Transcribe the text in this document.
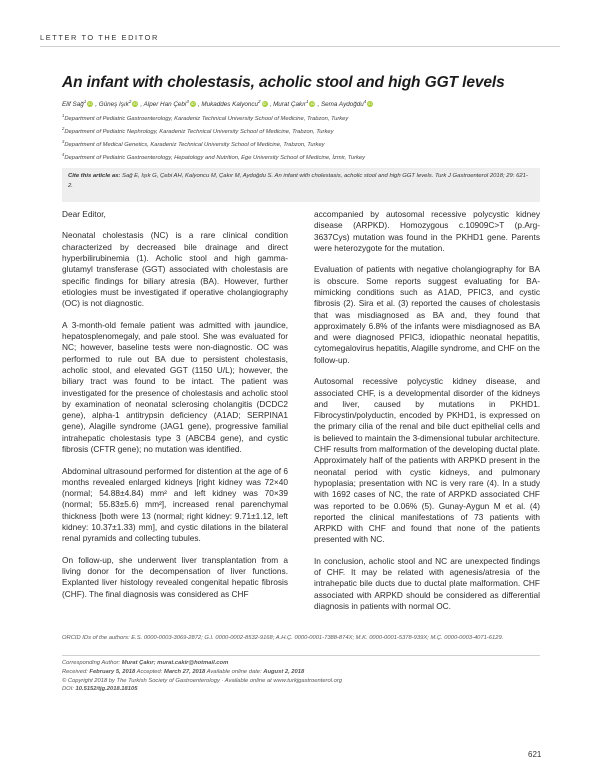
LETTER TO THE EDITOR
An infant with cholestasis, acholic stool and high GGT levels
Elif Sağ$^1$ iD , Güneş Işık$^2$ iD , Alper Han Çebi$^3$ iD , Mukaddes Kalyoncu$^2$ iD , Murat Çakır$^1$ iD , Sema Aydoğdu$^4$ iD
$^1$Department of Pediatric Gastroenterology, Karadeniz Technical University School of Medicine, Trabzon, Turkey
$^2$Department of Pediatric Nephrology, Karadeniz Technical University School of Medicine, Trabzon, Turkey
$^3$Department of Medical Genetics, Karadeniz Technical University School of Medicine, Trabzon, Turkey
$^4$Department of Pediatric Gastroenterology, Hepatology and Nutrition, Ege University School of Medicine, İzmir, Turkey
Cite this article as: Sağ E, Işık G, Çebi AH, Kalyoncu M, Çakır M, Aydoğdu S. An infant with cholestasis, acholic stool and high GGT levels. Turk J Gastroenterol 2018; 29: 621-2.

Dear Editor,

Neonatal cholestasis (NC) is a rare clinical condition characterized by decreased bile drainage and direct hyperbilirubinemia (1). Acholic stool and high gamma-glutamyl transferase (GGT) associated with cholestasis are specific findings for biliary atresia (BA). However, further etiologies must be investigated if operative cholangiography (OC) is not diagnostic.

A 3-month-old female patient was admitted with jaundice, hepatosplenomegaly, and pale stool. She was evaluated for NC; however, baseline tests were non-diagnostic. OC was performed to rule out BA due to persistent cholestasis, acholic stool, and elevated GGT (1150 U/L); however, the biliary tract was found to be intact. The patient was investigated for the presence of cholestasis and acholic stool by examination of neonatal sclerosing cholangitis (DCDC2 gene), alpha-1 antitrypsin deficiency (A1AD; SERPINA1 gene), Alagille syndrome (JAG1 gene), progressive familial intrahepatic cholestasis type 3 (ABCB4 gene), and cystic fibrosis (CFTR gene); no mutation was identified.

Abdominal ultrasound performed for distention at the age of 6 months revealed enlarged kidneys [right kidney was 72×40 (normal; 54.88±4.84) mm² and left kidney was 70×39 (normal; 55.83±5.6) mm²], increased renal parenchymal thickness [both were 13 (normal; right kidney: 9.71±1.12, left kidney: 10.37±1.33) mm], and cystic dilations in the bilateral renal pyramids and collecting tubules.

On follow-up, she underwent liver transplantation from a living donor for the decompensation of liver functions. Explanted liver histology revealed congenital hepatic fibrosis (CHF). The final diagnosis was considered as CHF

accompanied by autosomal recessive polycystic kidney disease (ARPKD). Homozygous c.10909C>T (p.Arg-3637Cys) mutation was found in the PKHD1 gene. Parents were heterozygote for the mutation.

Evaluation of patients with negative cholangiography for BA is obscure. Some reports suggest evaluating for BA-mimicking conditions such as A1AD, PFIC3, and cystic fibrosis (2). Sira et al. (3) reported the causes of cholestasis that was misdiagnosed as BA and, they found that approximately 6.8% of the infants were misdiagnosed as BA and were diagnosed PFIC3, idiopathic neonatal hepatitis, cytomegalovirus hepatitis, Alagille syndrome, and CHF on the follow-up.

Autosomal recessive polycystic kidney disease, and associated CHF, is a developmental disorder of the kidneys and liver, caused by mutations in PKHD1. Fibrocystin/polyductin, encoded by PKHD1, is expressed on the primary cilia of the renal and bile duct epithelial cells and is believed to maintain the 3-dimensional tubular architecture. CHF results from malformation of the developing ductal plate. Approximately half of the patients with ARPKD present in the neonatal period with cystic kidneys, and pulmonary hypoplasia; presentation with NC is very rare (4). In a study with 1692 cases of NC, the rate of ARPKD associated CHF was reported to be 0.06% (5). Gunay-Aygun M et al. (4) reported the clinical manifestations of 73 patients with ARPKD with CHF and found that none of the patients presented with NC.

In conclusion, acholic stool and NC are unexpected findings of CHF. It may be related with agenesis/atresia of the intrahepatic bile ducts due to ductal plate malformation. CHF associated with ARPKD should be considered as differential diagnosis in patients with normal OC.

ORCID IDs of the authors: E.S. 0000-0003-3069-2872; G.I. 0000-0002-8532-9168; A.H.Ç. 0000-0001-7388-874X; M.K. 0000-0001-5378-939X; M.Ç. 0000-0003-4071-6129.
Corresponding Author: Murat Çakır; murat.cakir@hotmail.com
Received: February 5, 2018 Accepted: March 27, 2018 Available online date: August 2, 2018
© Copyright 2018 by The Turkish Society of Gastroenterology · Available online at www.turkjgastroenterol.org
DOI: 10.5152/tjg.2018.18105
621
